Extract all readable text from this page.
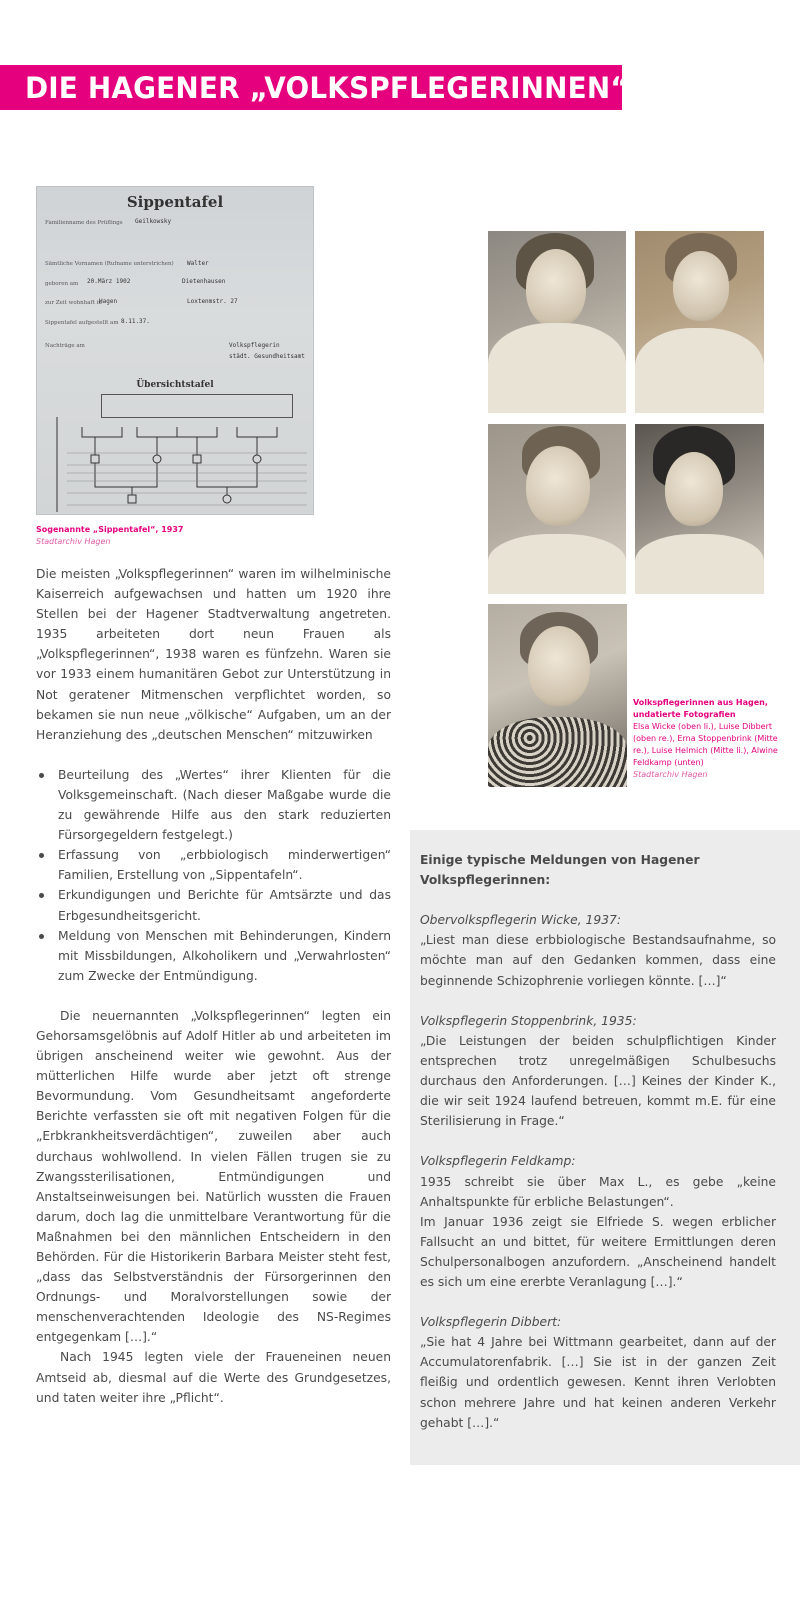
DIE HAGENER „VOLKSPFLEGERINNEN“
Sippentafel
Familienname des Prüflings Geilkowsky
Sämtliche Vornamen (Rufname unterstrichen) Walter
geboren am 20.März 1902	Dietenhausen
zur Zeit wohnhaft in
Hagen	Loxtenmstr. 27
Sippentafel aufgestellt am 8.11.37.
Nachträge am	Volkspflegerin
städt. Gesundheitsamt
Übersichtstafel
Sogenannte „Sippentafel“, 1937
Stadtarchiv Hagen

Die meisten „Volkspflegerinnen“ waren im wilhelminische Kaiserreich aufgewachsen und hatten um 1920 ihre Stellen bei der Hagener Stadtverwaltung angetreten. 1935 arbeiteten dort neun Frauen als „Volkspflegerinnen“, 1938 waren es fünfzehn. Waren sie vor 1933 einem humanitären Gebot zur Unterstützung in Not geratener Mitmenschen verpflichtet worden, so bekamen sie nun neue „völkische“ Aufgaben, um an der Heranziehung des „deutschen Menschen“ mitzuwirken

Beurteilung des „Wertes“ ihrer Klienten für die Volksgemeinschaft. (Nach dieser Maßgabe wurde die zu gewährende Hilfe aus den stark reduzierten Fürsorgegeldern festgelegt.)
Erfassung von „erbbiologisch minderwertigen“ Familien, Erstellung von „Sippentafeln“.
Erkundigungen und Berichte für Amtsärzte und das Erbgesundheitsgericht.
Meldung von Menschen mit Behinderungen, Kindern mit Missbildungen, Alkoholikern und „Verwahrlosten“ zum Zwecke der Entmündigung.

Die neuernannten „Volkspflegerinnen“ legten ein Gehorsamsgelöbnis auf Adolf Hitler ab und arbeiteten im übrigen anscheinend weiter wie gewohnt. Aus der mütterlichen Hilfe wurde aber jetzt oft strenge Bevormundung. Vom Gesundheitsamt angeforderte Berichte verfassten sie oft mit negativen Folgen für die „Erbkrankheitsverdächtigen“, zuweilen aber auch durchaus wohlwollend. In vielen Fällen trugen sie zu Zwangssterilisationen, Entmündigungen und Anstaltseinweisungen bei. Natürlich wussten die Frauen darum, doch lag die unmittelbare Verantwortung für die Maßnahmen bei den männlichen Entscheidern in den Behörden. Für die Historikerin Barbara Meister steht fest, „dass das Selbstverständnis der Fürsorgerinnen den Ordnungs- und Moralvorstellungen sowie der menschenverachtenden Ideologie des NS-Regimes entgegenkam […].“

Nach 1945 legten viele der Fraueneinen neuen Amtseid ab, diesmal auf die Werte des Grundgesetzes, und taten weiter ihre „Pflicht“.

Volkspflegerinnen aus Hagen,
undatierte Fotografien
Elsa Wicke (oben li.), Luise Dibbert (oben re.), Erna Stoppenbrink (Mitte re.), Luise Helmich (Mitte li.), Alwine Feldkamp (unten)
Stadtarchiv Hagen

Einige typische Meldungen von Hagener Volkspflegerinnen:

Obervolkspflegerin Wicke, 1937:

„Liest man diese erbbiologische Bestandsaufnahme, so möchte man auf den Gedanken kommen, dass eine beginnende Schizophrenie vorliegen könnte. […]“

Volkspflegerin Stoppenbrink, 1935:

„Die Leistungen der beiden schulpflichtigen Kinder entsprechen trotz unregelmäßigen Schulbesuchs durchaus den Anforderungen. […] Keines der Kinder K., die wir seit 1924 laufend betreuen, kommt m.E. für eine Sterilisierung in Frage.“

Volkspflegerin Feldkamp:

1935 schreibt sie über Max L., es gebe „keine Anhaltspunkte für erbliche Belastungen“.

Im Januar 1936 zeigt sie Elfriede S. wegen erblicher Fallsucht an und bittet, für weitere Ermittlungen deren Schulpersonalbogen anzufordern. „Anscheinend handelt es sich um eine ererbte Veranlagung […].“

Volkspflegerin Dibbert:

„Sie hat 4 Jahre bei Wittmann gearbeitet, dann auf der Accumulatorenfabrik. […] Sie ist in der ganzen Zeit fleißig und ordentlich gewesen. Kennt ihren Verlobten schon mehrere Jahre und hat keinen anderen Verkehr gehabt […].“
